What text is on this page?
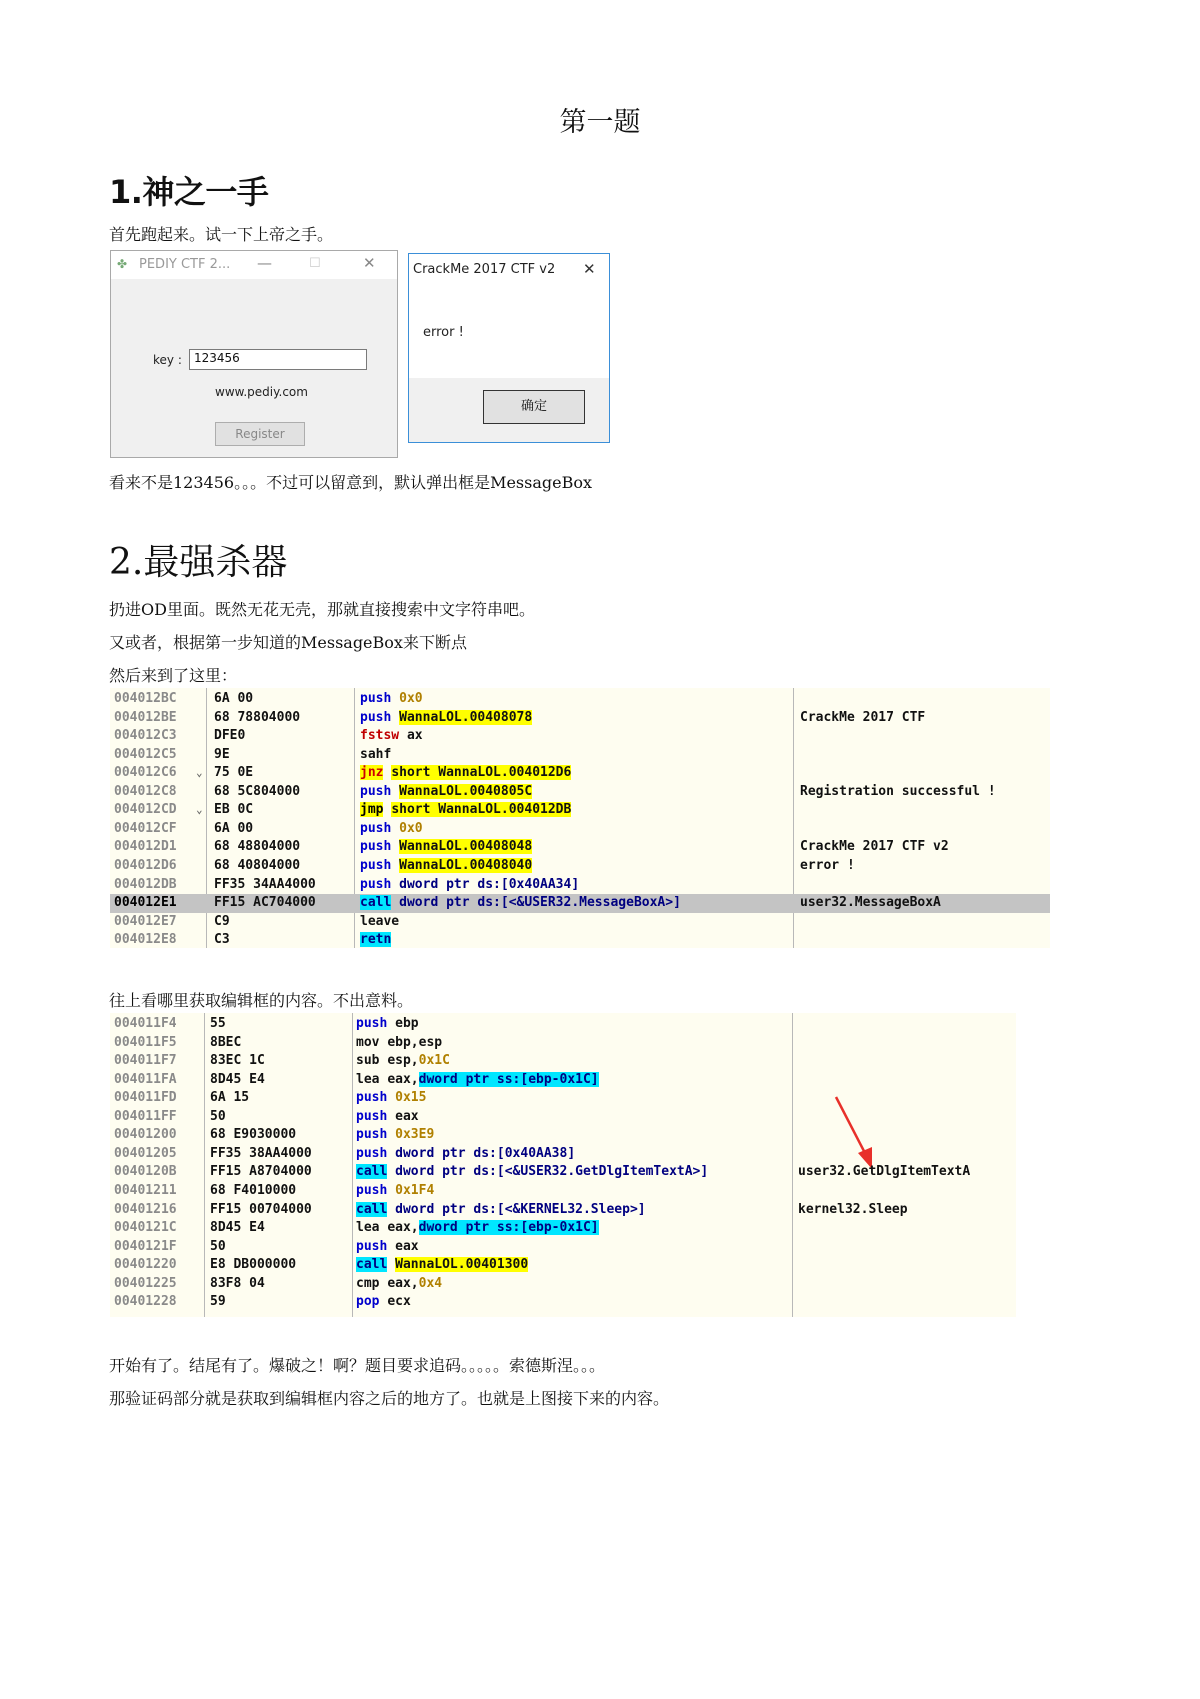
第一题
1.神之一手
首先跑起来。试一下上帝之手。
✤ PEDIY CTF 2... —	☐	✕
key :	123456
www.pediy.com
Register
CrackMe 2017 CTF v2 ✕
error !
确定
看来不是123456。。。不过可以留意到，默认弹出框是MessageBox
2.最强杀器
扔进OD里面。既然无花无壳，那就直接搜索中文字符串吧。
又或者，根据第一步知道的MessageBox来下断点
然后来到了这里：
004012BC	6A 00	push 0x0
004012BE	68 78804000	push WannaLOL.00408078	CrackMe 2017 CTF
004012C3	DFE0	fstsw ax
004012C5	9E	sahf
004012C6 ⌄ 75 0E	jnz short WannaLOL.004012D6
004012C8	68 5C804000	push WannaLOL.0040805C	Registration successful !
004012CD ⌄ EB 0C	jmp short WannaLOL.004012DB
004012CF	6A 00	push 0x0
004012D1	68 48804000	push WannaLOL.00408048	CrackMe 2017 CTF v2
004012D6	68 40804000	push WannaLOL.00408040	error !
004012DB	FF35 34AA4000	push dword ptr ds:[0x40AA34]
004012E1	FF15 AC704000	call dword ptr ds:[<&USER32.MessageBoxA>]	user32.MessageBoxA
004012E7	C9	leave
004012E8	C3	retn
往上看哪里获取编辑框的内容。不出意料。
004011F4	55	push ebp
004011F5	8BEC	mov ebp,esp
004011F7	83EC 1C	sub esp,0x1C
004011FA	8D45 E4	lea eax,dword ptr ss:[ebp-0x1C]
004011FD	6A 15	push 0x15
004011FF	50	push eax
00401200	68 E9030000	push 0x3E9
00401205	FF35 38AA4000	push dword ptr ds:[0x40AA38]
0040120B	FF15 A8704000	call dword ptr ds:[<&USER32.GetDlgItemTextA>]	user32.GetDlgItemTextA
00401211	68 F4010000	push 0x1F4
00401216	FF15 00704000	call dword ptr ds:[<&KERNEL32.Sleep>]	kernel32.Sleep
0040121C	8D45 E4	lea eax,dword ptr ss:[ebp-0x1C]
0040121F	50	push eax
00401220	E8 DB000000	call WannaLOL.00401300
00401225	83F8 04	cmp eax,0x4
00401228	59	pop ecx
开始有了。结尾有了。爆破之！啊？题目要求追码。。。。。索德斯涅。。。
那验证码部分就是获取到编辑框内容之后的地方了。也就是上图接下来的内容。
